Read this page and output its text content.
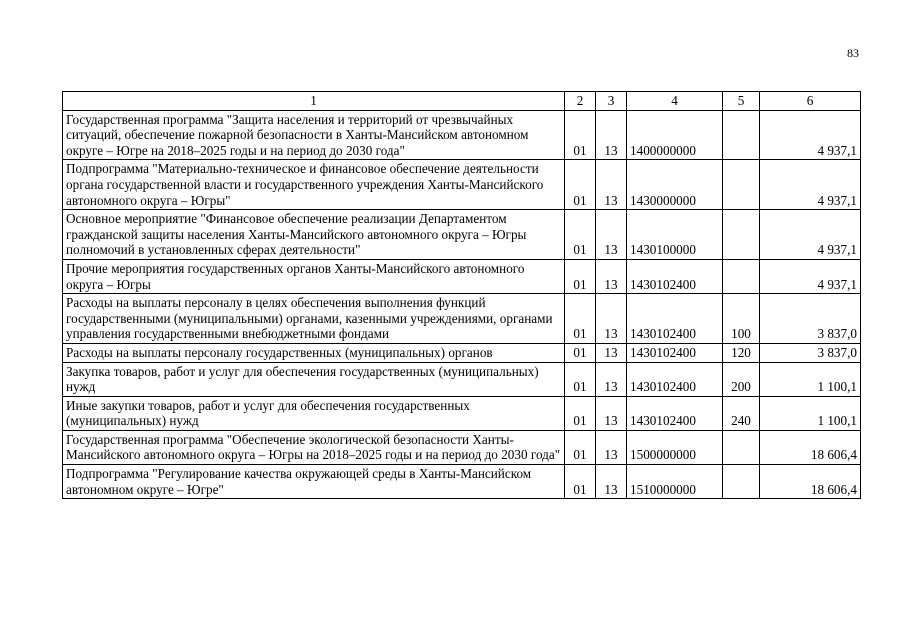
83
1	2	3	4	5	6
Государственная программа "Защита населения и территорий от чрезвычайных ситуаций, обеспечение пожарной безопасности в Ханты-Мансийском автономном округе – Югре на 2018–2025 годы и на период до 2030 года"	01	13	1400000000		4 937,1
Подпрограмма "Материально-техническое и финансовое обеспечение деятельности органа государственной власти и государственного учреждения Ханты-Мансийского автономного округа – Югры"	01	13	1430000000		4 937,1
Основное мероприятие "Финансовое обеспечение реализации Департаментом гражданской защиты населения Ханты-Мансийского автономного округа – Югры полномочий в установленных сферах деятельности"	01	13	1430100000		4 937,1
Прочие мероприятия государственных органов Ханты-Мансийского автономного округа – Югры	01	13	1430102400		4 937,1
Расходы на выплаты персоналу в целях обеспечения выполнения функций государственными (муниципальными) органами, казенными учреждениями, органами управления государственными внебюджетными фондами	01	13	1430102400	100	3 837,0
Расходы на выплаты персоналу государственных (муниципальных) органов	01	13	1430102400	120	3 837,0
Закупка товаров, работ и услуг для обеспечения государственных (муниципальных) нужд	01	13	1430102400	200	1 100,1
Иные закупки товаров, работ и услуг для обеспечения государственных (муниципальных) нужд	01	13	1430102400	240	1 100,1
Государственная программа "Обеспечение экологической безопасности Ханты-Мансийского автономного округа – Югры на 2018–2025 годы и на период до 2030 года"	01	13	1500000000		18 606,4
Подпрограмма "Регулирование качества окружающей среды в Ханты-Мансийском автономном округе – Югре"	01	13	1510000000		18 606,4
